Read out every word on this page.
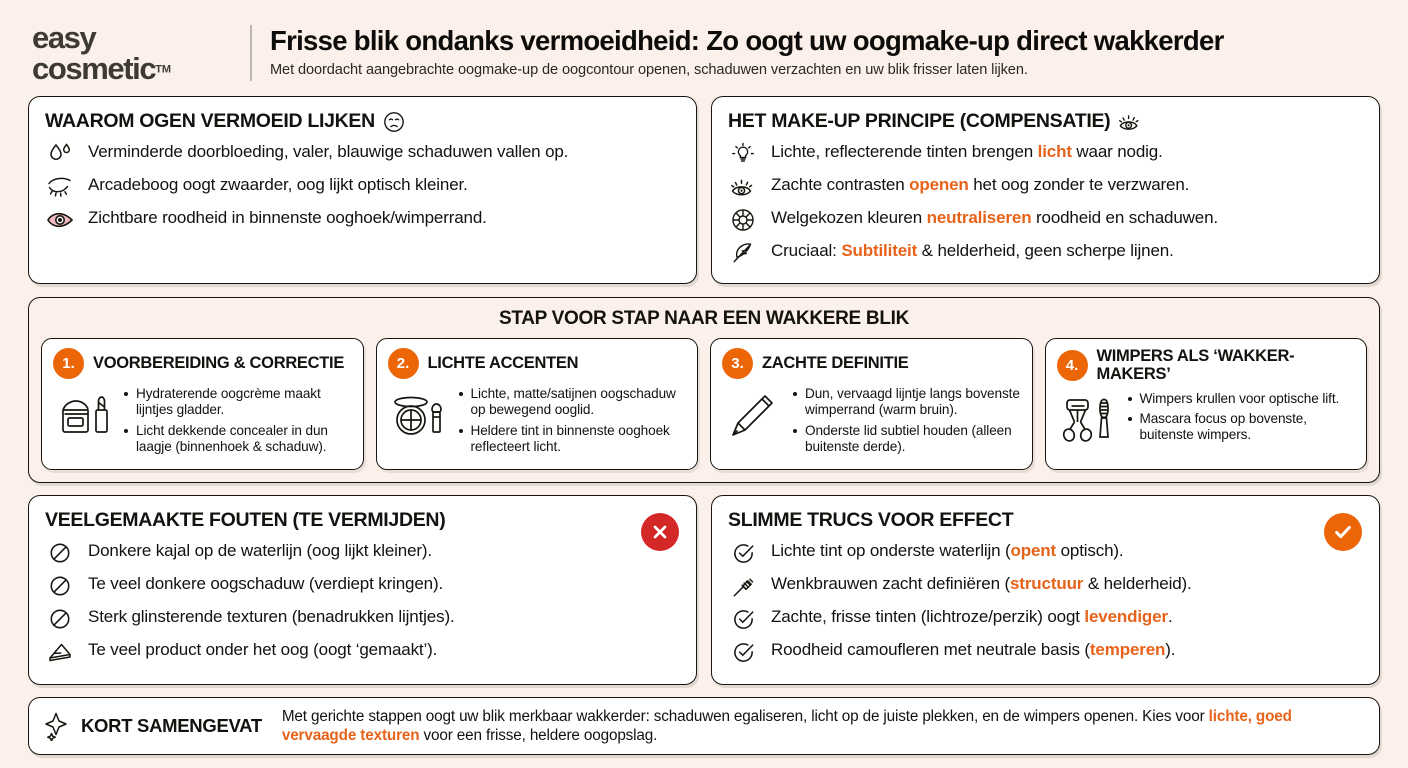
easy
cosmetic™
Frisse blik ondanks vermoeidheid: Zo oogt uw oogmake-up direct wakkerder
Met doordacht aangebrachte oogmake-up de oogcontour openen, schaduwen verzachten en uw blik frisser laten lijken.
WAAROM OGEN VERMOEID LIJKEN
Verminderde doorbloeding, valer, blauwige schaduwen vallen op.
Arcadeboog oogt zwaarder, oog lijkt optisch kleiner.
Zichtbare roodheid in binnenste ooghoek/wimperrand.
HET MAKE-UP PRINCIPE (COMPENSATIE)
Lichte, reflecterende tinten brengen licht waar nodig.
Zachte contrasten openen het oog zonder te verzwaren.
Welgekozen kleuren neutraliseren roodheid en schaduwen.
Cruciaal: Subtiliteit & helderheid, geen scherpe lijnen.
STAP VOOR STAP NAAR EEN WAKKERE BLIK
1.	VOORBEREIDING & CORRECTIE
Hydraterende oogcrème maakt lijntjes gladder.
Licht dekkende concealer in dun laagje (binnenhoek & schaduw).
2.	LICHTE ACCENTEN
Lichte, matte/satijnen oogschaduw op bewegend ooglid.
Heldere tint in binnenste ooghoek reflecteert licht.
3.	ZACHTE DEFINITIE
Dun, vervaagd lijntje langs bovenste wimperrand (warm bruin).
Onderste lid subtiel houden (alleen buitenste derde).
4.
WIMPERS ALS ‘WAKKER-MAKERS’
Wimpers krullen voor optische lift.
Mascara focus op bovenste, buitenste wimpers.
VEELGEMAAKTE FOUTEN (TE VERMIJDEN)
Donkere kajal op de waterlijn (oog lijkt kleiner).
Te veel donkere oogschaduw (verdiept kringen).
Sterk glinsterende texturen (benadrukken lijntjes).
Te veel product onder het oog (oogt ‘gemaakt’).
SLIMME TRUCS VOOR EFFECT
Lichte tint op onderste waterlijn (opent optisch).
Wenkbrauwen zacht definiëren (structuur & helderheid).
Zachte, frisse tinten (lichtroze/perzik) oogt levendiger.
Roodheid camoufleren met neutrale basis (temperen).
KORT SAMENGEVAT Met gerichte stappen oogt uw blik merkbaar wakkerder: schaduwen egaliseren, licht op de juiste plekken, en de wimpers openen. Kies voor lichte, goed vervaagde texturen voor een frisse, heldere oogopslag.
